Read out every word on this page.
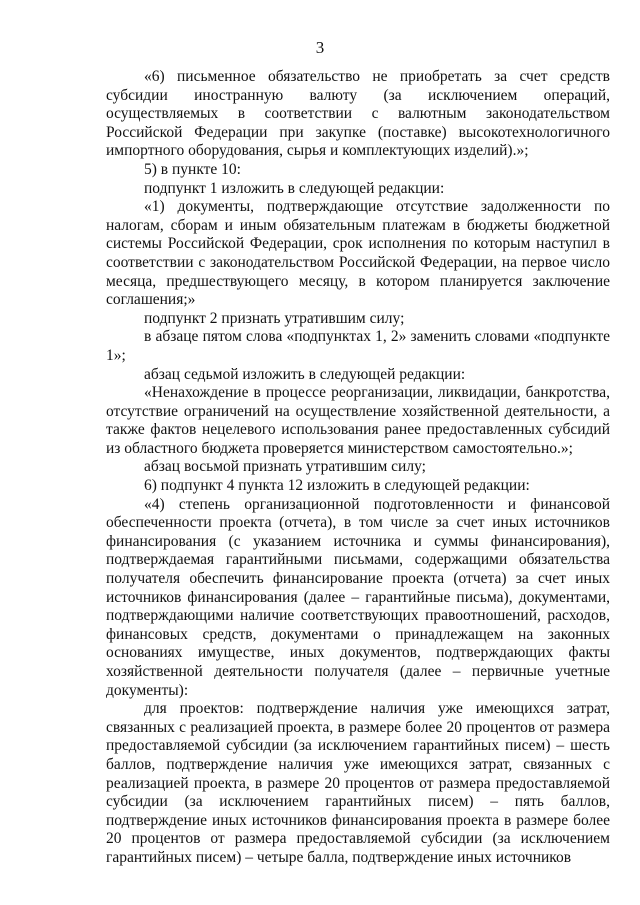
3

«6) письменное обязательство не приобретать за счет средств субсидии иностранную валюту (за исключением операций, осуществляемых в соответствии с валютным законодательством Российской Федерации при закупке (поставке) высокотехнологичного импортного оборудования, сырья и комплектующих изделий).»;

5) в пункте 10:

подпункт 1 изложить в следующей редакции:

«1) документы, подтверждающие отсутствие задолженности по налогам, сборам и иным обязательным платежам в бюджеты бюджетной системы Российской Федерации, срок исполнения по которым наступил в соответствии с законодательством Российской Федерации, на первое число месяца, предшествующего месяцу, в котором планируется заключение соглашения;»

подпункт 2 признать утратившим силу;

в абзаце пятом слова «подпунктах 1, 2» заменить словами «подпункте 1»;

абзац седьмой изложить в следующей редакции:

«Ненахождение в процессе реорганизации, ликвидации, банкротства, отсутствие ограничений на осуществление хозяйственной деятельности, а также фактов нецелевого использования ранее предоставленных субсидий из областного бюджета проверяется министерством самостоятельно.»;

абзац восьмой признать утратившим силу;

6) подпункт 4 пункта 12 изложить в следующей редакции:

«4) степень организационной подготовленности и финансовой обеспеченности проекта (отчета), в том числе за счет иных источников финансирования (с указанием источника и суммы финансирования), подтверждаемая гарантийными письмами, содержащими обязательства получателя обеспечить финансирование проекта (отчета) за счет иных источников финансирования (далее – гарантийные письма), документами, подтверждающими наличие соответствующих правоотношений, расходов, финансовых средств, документами о принадлежащем на законных основаниях имуществе, иных документов, подтверждающих факты хозяйственной деятельности получателя (далее – первичные учетные документы):

для проектов: подтверждение наличия уже имеющихся затрат, связанных с реализацией проекта, в размере более 20 процентов от размера предоставляемой субсидии (за исключением гарантийных писем) – шесть баллов, подтверждение наличия уже имеющихся затрат, связанных с реализацией проекта, в размере 20 процентов от размера предоставляемой субсидии (за исключением гарантийных писем) – пять баллов, подтверждение иных источников финансирования проекта в размере более 20 процентов от размера предоставляемой субсидии (за исключением гарантийных писем) – четыре балла, подтверждение иных источников
